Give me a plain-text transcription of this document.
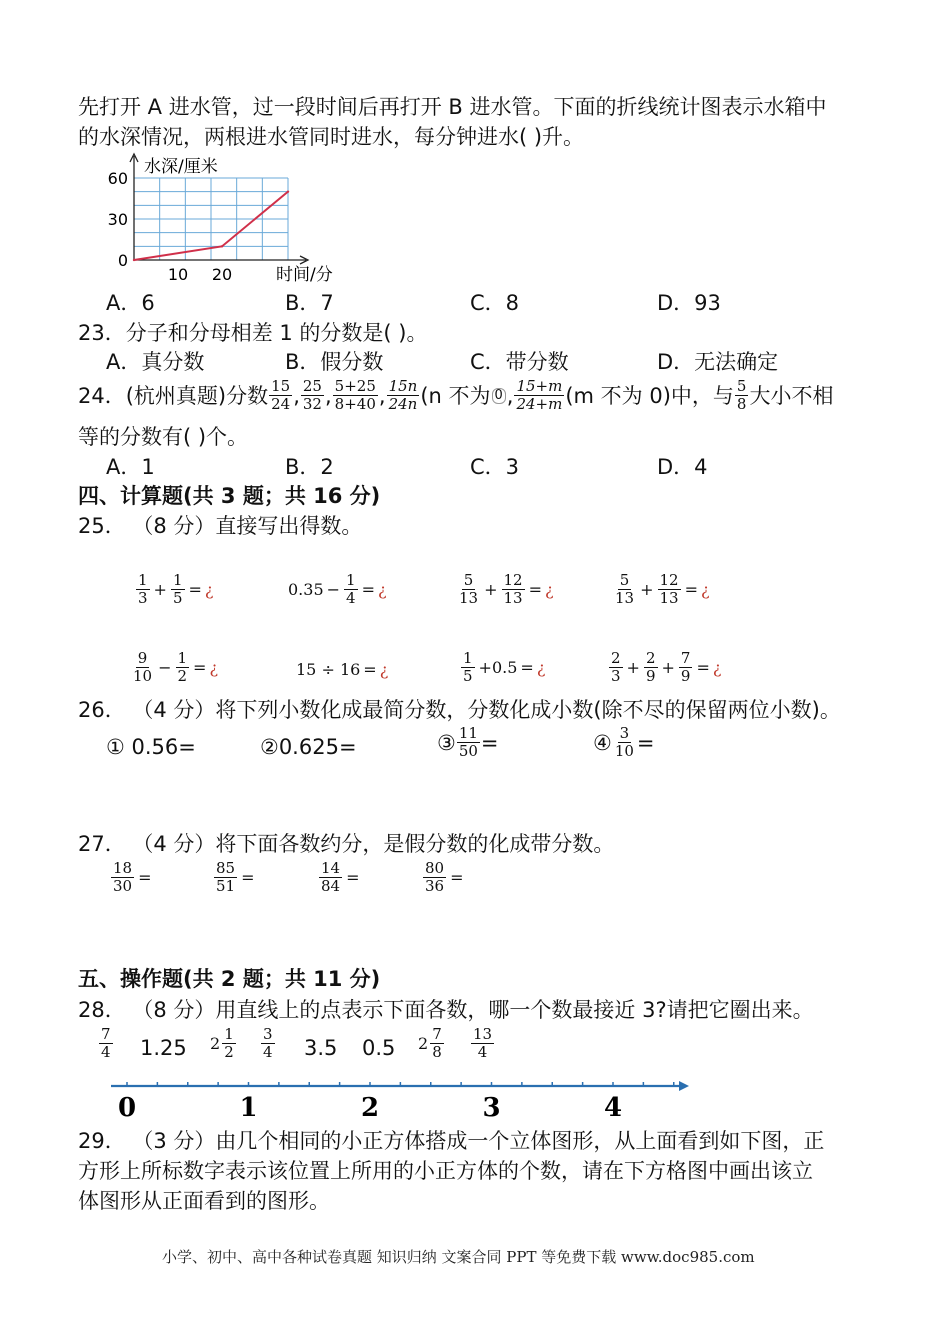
先打开 A 进水管，过一段时间后再打开 B 进水管。下面的折线统计图表示水箱中
的水深情况，两根进水管同时进水，每分钟进水( )升。
0
30
60
10 20
水深/厘米
时间/分
A．6	B．7	C．8	D．93
23．分子和分母相差 1 的分数是( )。
A．真分数	B．假分数	C．带分数	D．无法确定
24．(杭州真题)分数 $\frac{15}{24}$ , $\frac{25}{32}$ , $\frac{5+25}{8+40}$ , $\frac{15n}{24n} (n$ 不为 0 , $\frac{15+m}{24+m} (m$ 不为 0)中，与 $\frac{5}{8}$ 大小不相
等的分数有( )个。
A．1	B．2	C．3	D．4
四、计算题(共 3 题；共 16 分)
25． （8 分）直接写出得数。
$\frac{1}{3} + \frac{1}{5}$ = ¿	$0.35 - \frac{1}{4}$ = ¿	$\frac{5}{13} + \frac{12}{13}$ = ¿	$\frac{5}{13} + \frac{12}{13}$ = ¿
$\frac{9}{10} - \frac{1}{2}$ = ¿	15 ÷ 16 = ¿	$\frac{1}{5} +0.5$ = ¿	$\frac{2}{3} + \frac{2}{9} + \frac{7}{9}$ = ¿
26． （4 分）将下列小数化成最简分数，分数化成小数(除不尽的保留两位小数)。
① 0.56=	②0.625=	③ $\frac{11}{50}$ =	④ $\frac{3}{10}$ =
27． （4 分）将下面各数约分，是假分数的化成带分数。
$\frac{18}{30}$ =	$\frac{85}{51}$ =	$\frac{14}{84}$ =	$\frac{80}{36}$ =
五、操作题(共 2 题；共 11 分)
28． （8 分）用直线上的点表示下面各数，哪一个数最接近 3?请把它圈出来。
$\frac{7}{4} 1.25$ $2 \frac{1}{2} \frac{3}{4} 3.5$ 0.5 $2 \frac{7}{8} \frac{13}{4}$
0	1	2	3	4
29． （3 分）由几个相同的小正方体搭成一个立体图形，从上面看到如下图，正
方形上所标数字表示该位置上所用的小正方体的个数，请在下方格图中画出该立
体图形从正面看到的图形。
小学、初中、高中各种试卷真题 知识归纳 文案合同 PPT 等免费下载 www.doc985.com
